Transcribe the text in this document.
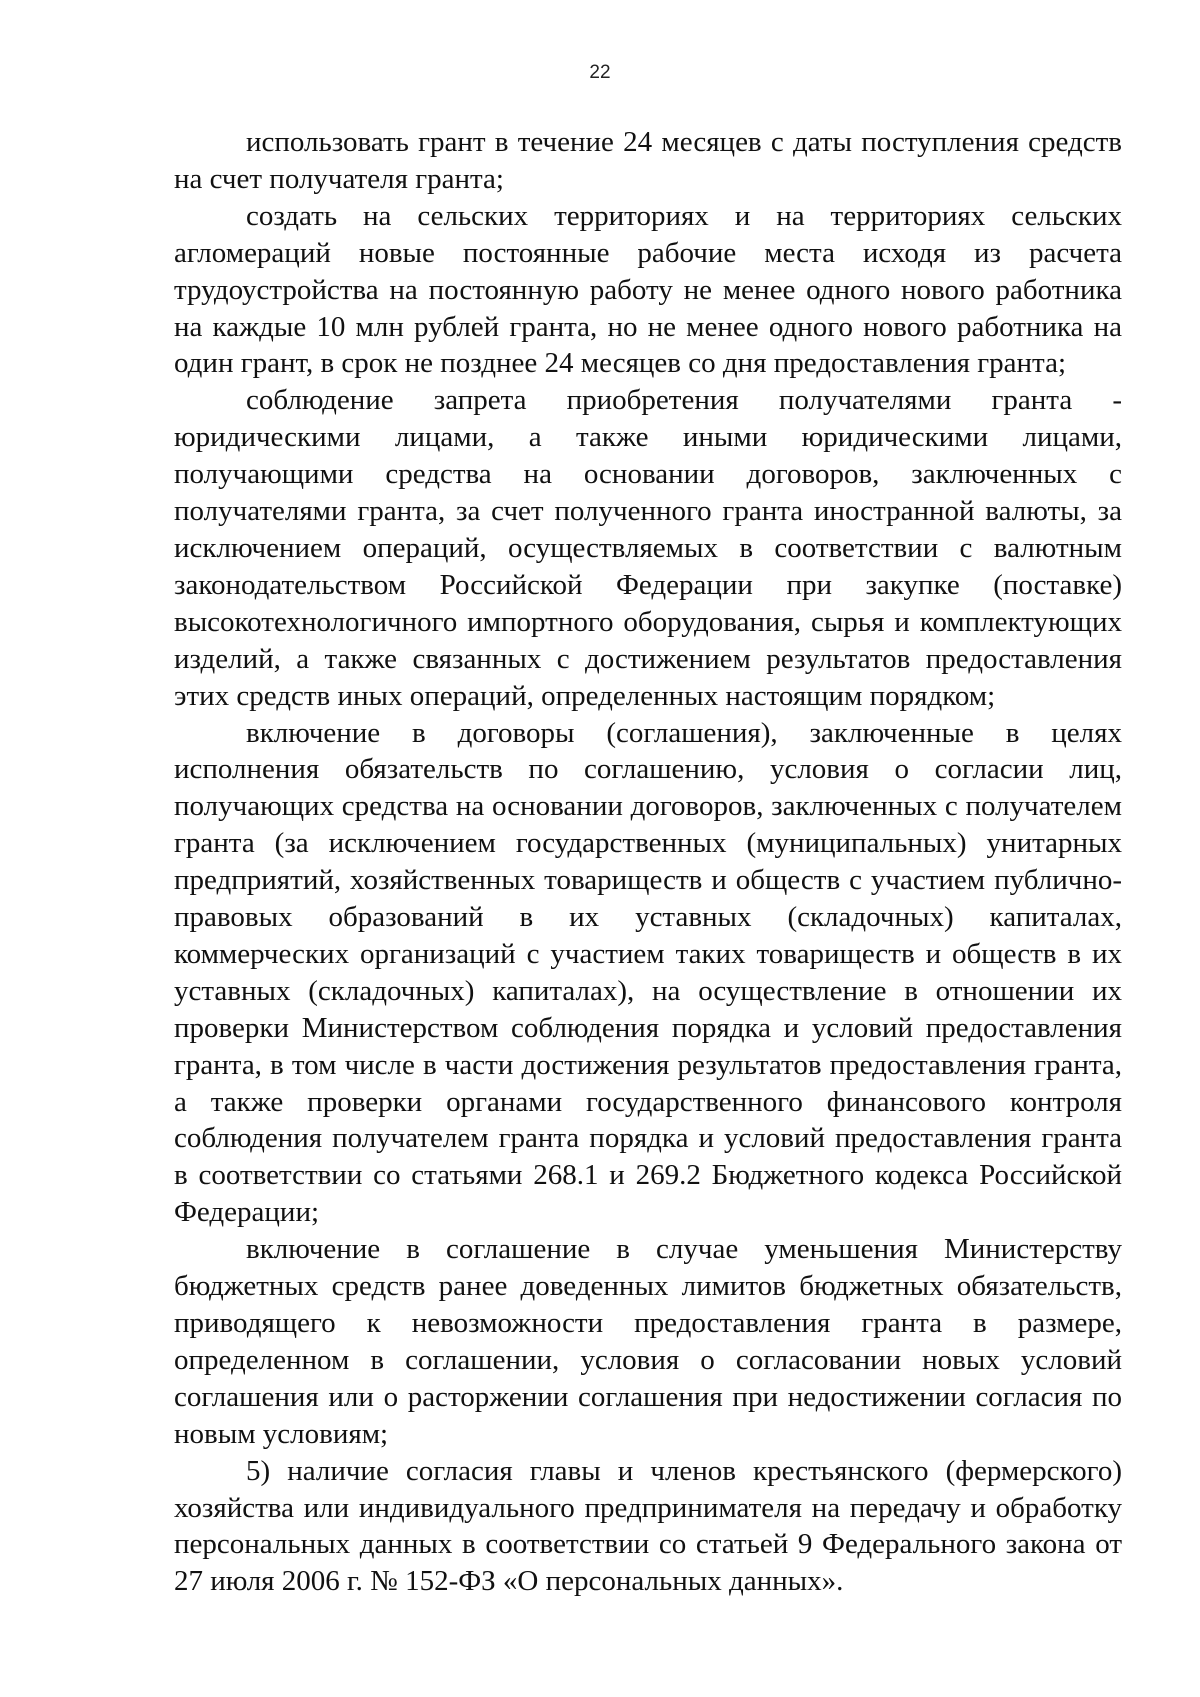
22

использовать грант в течение 24 месяцев с даты поступления средств на счет получателя гранта;

создать на сельских территориях и на территориях сельских агломераций новые постоянные рабочие места исходя из расчета трудоустройства на постоянную работу не менее одного нового работника на каждые 10 млн рублей гранта, но не менее одного нового работника на один грант, в срок не позднее 24 месяцев со дня предоставления гранта;

соблюдение запрета приобретения получателями гранта - юридическими лицами, а также иными юридическими лицами, получающими средства на основании договоров, заключенных с получателями гранта, за счет полученного гранта иностранной валюты, за исключением операций, осуществляемых в соответствии с валютным законодательством Российской Федерации при закупке (поставке) высокотехнологичного импортного оборудования, сырья и комплектующих изделий, а также связанных с достижением результатов предоставления этих средств иных операций, определенных настоящим порядком;

включение в договоры (соглашения), заключенные в целях исполнения обязательств по соглашению, условия о согласии лиц, получающих средства на основании договоров, заключенных с получателем гранта (за исключением государственных (муниципальных) унитарных предприятий, хозяйственных товариществ и обществ с участием публично-правовых образований в их уставных (складочных) капиталах, коммерческих организаций с участием таких товариществ и обществ в их уставных (складочных) капиталах), на осуществление в отношении их проверки Министерством соблюдения порядка и условий предоставления гранта, в том числе в части достижения результатов предоставления гранта, а также проверки органами государственного финансового контроля соблюдения получателем гранта порядка и условий предоставления гранта в соответствии со статьями 268.1 и 269.2 Бюджетного кодекса Российской Федерации;

включение в соглашение в случае уменьшения Министерству бюджетных средств ранее доведенных лимитов бюджетных обязательств, приводящего к невозможности предоставления гранта в размере, определенном в соглашении, условия о согласовании новых условий соглашения или о расторжении соглашения при недостижении согласия по новым условиям;

5) наличие согласия главы и членов крестьянского (фермерского) хозяйства или индивидуального предпринимателя на передачу и обработку персональных данных в соответствии со статьей 9 Федерального закона от 27 июля 2006 г. № 152-ФЗ «О персональных данных».
